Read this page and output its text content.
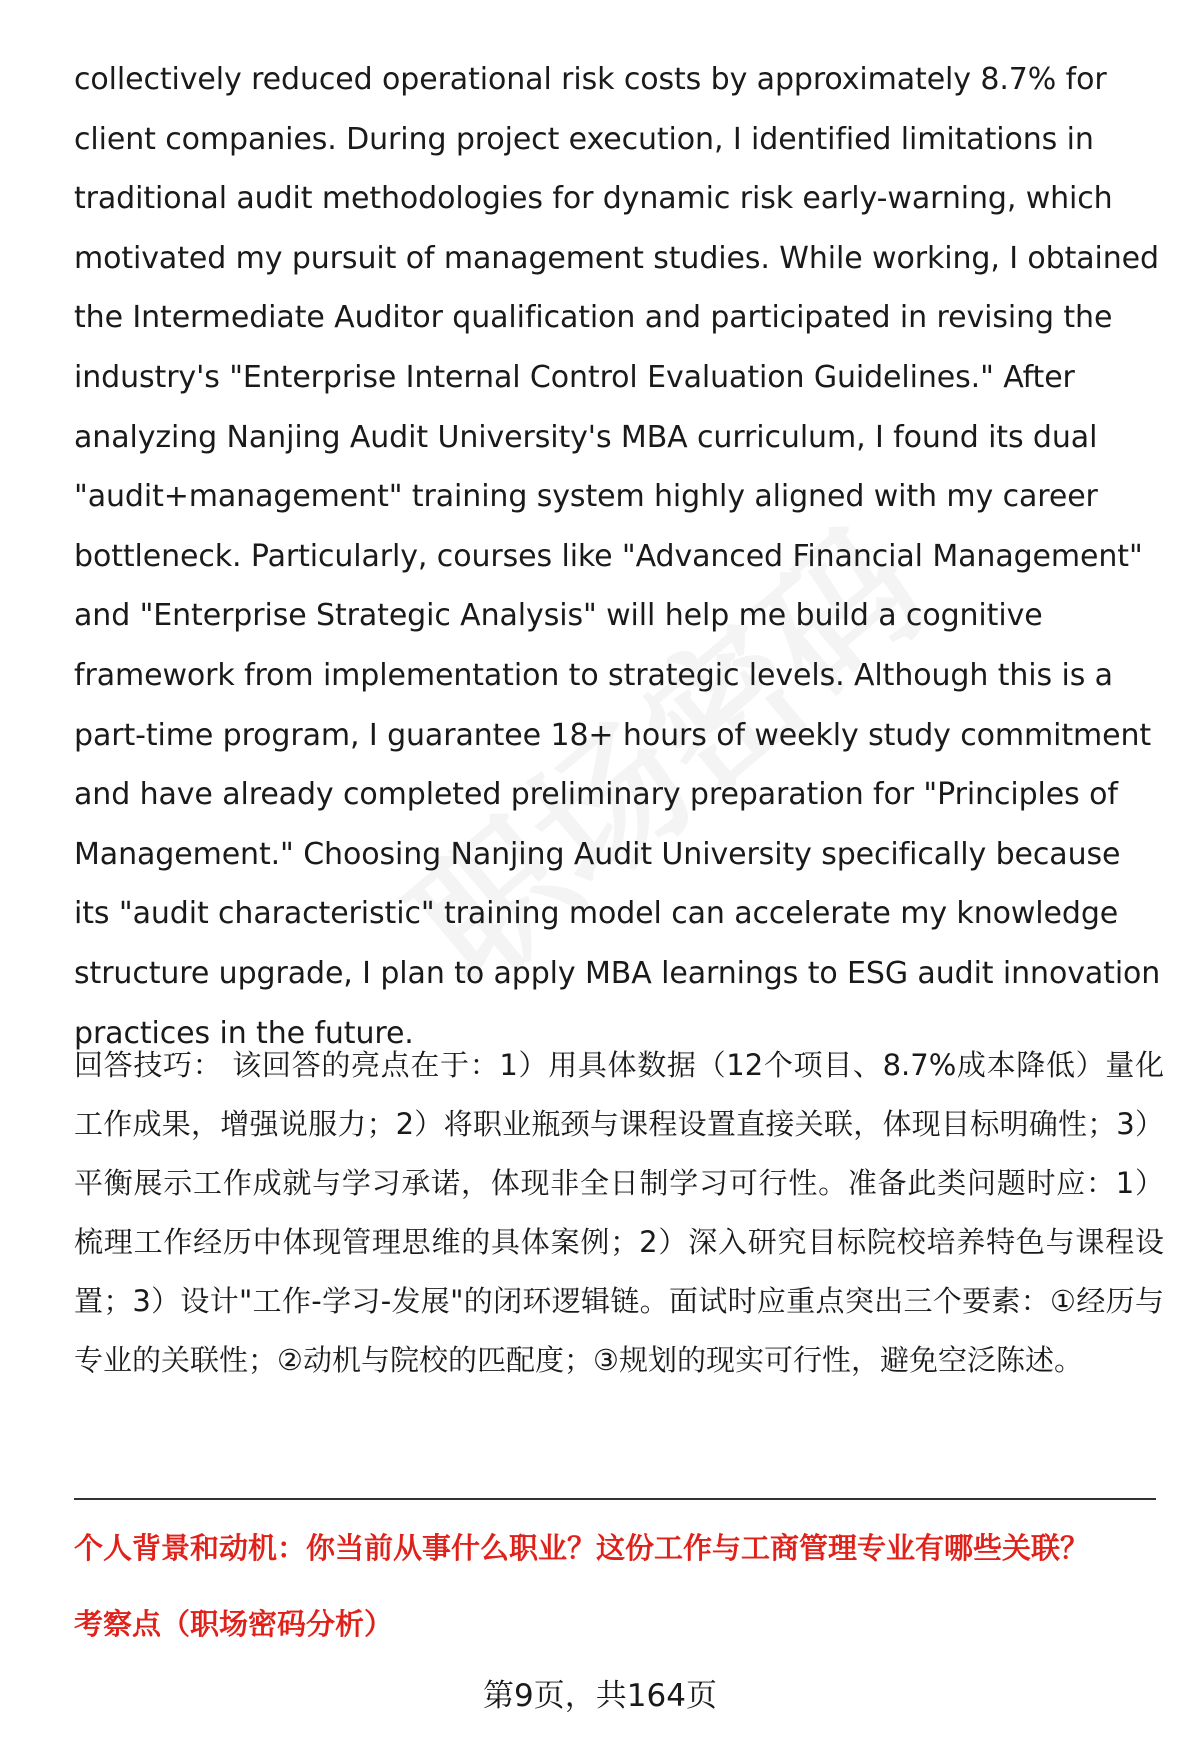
collectively reduced operational risk costs by approximately 8.7% for client companies. During project execution, I identified limitations in traditional audit methodologies for dynamic risk early-warning, which motivated my pursuit of management studies. While working, I obtained the Intermediate Auditor qualification and participated in revising the industry's "Enterprise Internal Control Evaluation Guidelines." After analyzing Nanjing Audit University's MBA curriculum, I found its dual "audit+management" training system highly aligned with my career bottleneck. Particularly, courses like "Advanced Financial Management" and "Enterprise Strategic Analysis" will help me build a cognitive framework from implementation to strategic levels. Although this is a part-time program, I guarantee 18+ hours of weekly study commitment and have already completed preliminary preparation for "Principles of Management." Choosing Nanjing Audit University specifically because its "audit characteristic" training model can accelerate my knowledge structure upgrade, I plan to apply MBA learnings to ESG audit innovation practices in the future.

回答技巧： 该回答的亮点在于：1）用具体数据（12个项目、8.7%成本降低）量化工作成果，增强说服力；2）将职业瓶颈与课程设置直接关联，体现目标明确性；3）平衡展示工作成就与学习承诺，体现非全日制学习可行性。准备此类问题时应：1）梳理工作经历中体现管理思维的具体案例；2）深入研究目标院校培养特色与课程设置；3）设计"工作-学习-发展"的闭环逻辑链。面试时应重点突出三个要素：①经历与专业的关联性；②动机与院校的匹配度；③规划的现实可行性，避免空泛陈述。

个人背景和动机：你当前从事什么职业？这份工作与工商管理专业有哪些关联？

考察点（职场密码分析）

第9页，共164页
